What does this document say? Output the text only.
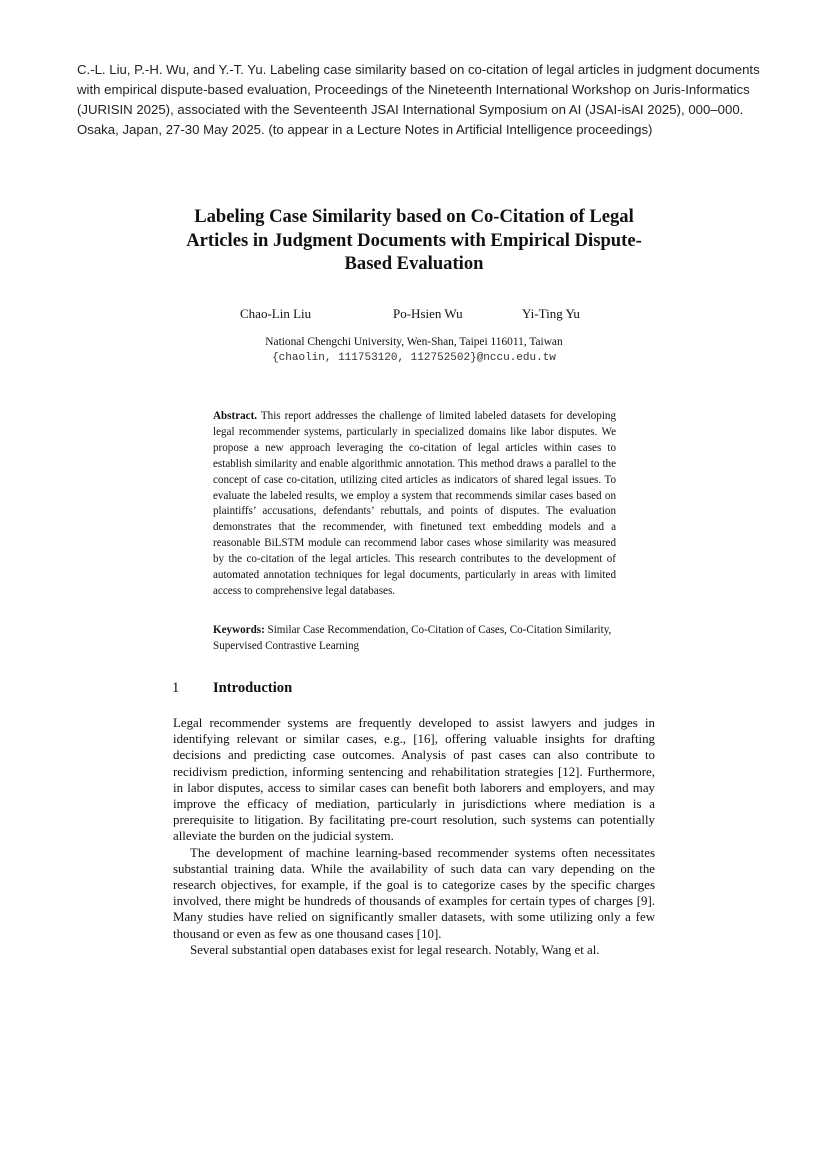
C.-L. Liu, P.-H. Wu, and Y.-T. Yu. Labeling case similarity based on co-citation of legal articles in judgment documents
with empirical dispute-based evaluation, Proceedings of the Nineteenth International Workshop on Juris-Informatics
(JURISIN 2025), associated with the Seventeenth JSAI International Symposium on AI (JSAI-isAI 2025), 000–000.
Osaka, Japan, 27-30 May 2025. (to appear in a Lecture Notes in Artificial Intelligence proceedings)
Labeling Case Similarity based on Co-Citation of Legal
Articles in Judgment Documents with Empirical Dispute-
Based Evaluation
Chao-Lin Liu	Po-Hsien Wu	Yi-Ting Yu
National Chengchi University, Wen-Shan, Taipei 116011, Taiwan
{chaolin, 111753120, 112752502}@nccu.edu.tw
Abstract. This report addresses the challenge of limited labeled datasets for developing legal recommender systems, particularly in specialized domains like labor disputes. We propose a new approach leveraging the co-citation of legal articles within cases to establish similarity and enable algorithmic annotation. This method draws a parallel to the concept of case co-citation, utilizing cited articles as indicators of shared legal issues. To evaluate the labeled results, we employ a system that recommends similar cases based on plaintiffs’ accusations, defendants’ rebuttals, and points of disputes. The evaluation demonstrates that the recommender, with finetuned text embedding models and a reasonable BiLSTM module can recommend labor cases whose similarity was measured by the co-citation of the legal articles. This research contributes to the development of automated annotation techniques for legal documents, particularly in areas with limited access to comprehensive legal databases.
Keywords: Similar Case Recommendation, Co-Citation of Cases, Co-Citation Similarity, Supervised Contrastive Learning
1 Introduction

Legal recommender systems are frequently developed to assist lawyers and judges in identifying relevant or similar cases, e.g., [16], offering valuable insights for drafting decisions and predicting case outcomes. Analysis of past cases can also contribute to recidivism prediction, informing sentencing and rehabilitation strategies [12]. Furthermore, in labor disputes, access to similar cases can benefit both laborers and employers, and may improve the efficacy of mediation, particularly in jurisdictions where mediation is a prerequisite to litigation. By facilitating pre-court resolution, such systems can potentially alleviate the burden on the judicial system.

The development of machine learning-based recommender systems often necessitates substantial training data. While the availability of such data can vary depending on the research objectives, for example, if the goal is to categorize cases by the specific charges involved, there might be hundreds of thousands of examples for certain types of charges [9]. Many studies have relied on significantly smaller datasets, with some utilizing only a few thousand or even as few as one thousand cases [10].

Several substantial open databases exist for legal research. Notably, Wang et al.
